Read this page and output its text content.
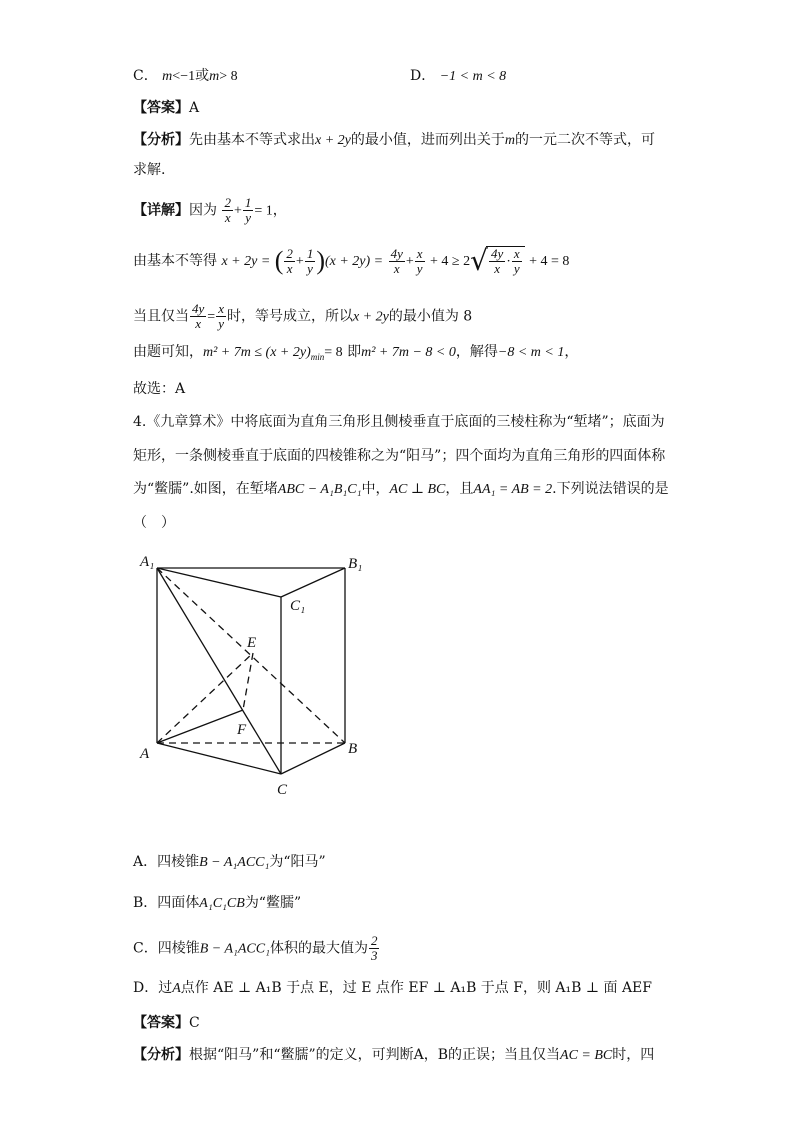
C． m<−1或m> 8	D． −1 < m < 8
【答案】A
【分析】先由基本不等式求出x + 2y的最小值，进而列出关于m的一元二次不等式，可
求解.
【详解】因为 $\frac{2}{x} + \frac{1}{y} = 1$，
由基本不等得 x + 2y = ( $\frac{2}{x} + \frac{1}{y} )(x + 2y) = \frac{4y}{x} + \frac{x}{y} + 4 \ge 2√ \frac{4y}{x} \cdot \frac{x}{y} + 4 = 8$
当且仅当 $\frac{4y}{x} = \frac{x}{y}$ 时，等号成立，所以x + 2y的最小值为 8
由题可知，$m^2 + 7m \le (x + 2y)_{min}= 8$ 即m² + 7m − 8 < 0，解得−8 < m < 1，
故选：A
4.《九章算术》中将底面为直角三角形且侧棱垂直于底面的三棱柱称为“堑堵”；底面为
矩形，一条侧棱垂直于底面的四棱锥称之为“阳马”；四个面均为直角三角形的四面体称
为“鳖臑”.如图，在堑堵ABC − A₁B₁C₁中，AC ⊥ BC，且AA₁ = AB = 2.下列说法错误的是
（　）
A₁	B₁
C₁
E
F
A	B
C
A．四棱锥B − A₁ACC₁为“阳马”
B．四面体A₁C₁CB为“鳖臑”
C．四棱锥B − A₁ACC₁体积的最大值为 $\frac{2}{3}$
D．过A点作 AE ⊥ A₁B 于点 E，过 E 点作 EF ⊥ A₁B 于点 F，则 A₁B ⊥ 面 AEF
【答案】C
【分析】根据“阳马”和“鳖臑”的定义，可判断A，B的正误；当且仅当AC = BC时，四
